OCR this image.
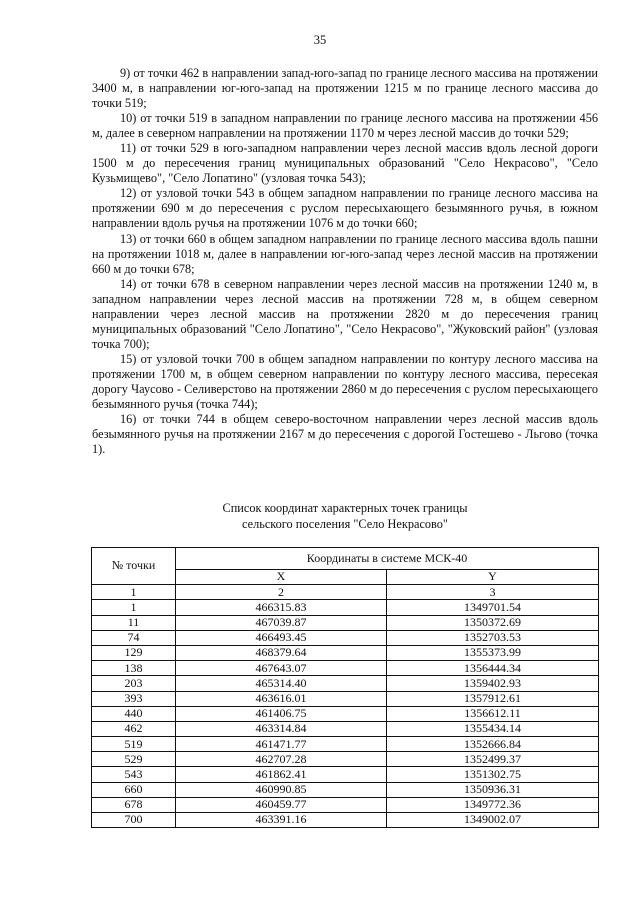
35

9) от точки 462 в направлении запад-юго-запад по границе лесного массива на протяжении 3400 м, в направлении юг-юго-запад на протяжении 1215 м по границе лесного массива до точки 519;

10) от точки 519 в западном направлении по границе лесного массива на протяжении 456 м, далее в северном направлении на протяжении 1170 м через лесной массив до точки 529;

11) от точки 529 в юго-западном направлении через лесной массив вдоль лесной дороги 1500 м до пересечения границ муниципальных образований "Село Некрасово", "Село Кузьмищево", "Село Лопатино" (узловая точка 543);

12) от узловой точки 543 в общем западном направлении по границе лесного массива на протяжении 690 м до пересечения с руслом пересыхающего безымянного ручья, в южном направлении вдоль ручья на протяжении 1076 м до точки 660;

13) от точки 660 в общем западном направлении по границе лесного массива вдоль пашни на протяжении 1018 м, далее в направлении юг-юго-запад через лесной массив на протяжении 660 м до точки 678;

14) от точки 678 в северном направлении через лесной массив на протяжении 1240 м, в западном направлении через лесной массив на протяжении 728 м, в общем северном направлении через лесной массив на протяжении 2820 м до пересечения границ муниципальных образований "Село Лопатино", "Село Некрасово", "Жуковский район" (узловая точка 700);

15) от узловой точки 700 в общем западном направлении по контуру лесного массива на протяжении 1700 м, в общем северном направлении по контуру лесного массива, пересекая дорогу Чаусово - Селиверстово на протяжении 2860 м до пересечения с руслом пересыхающего безымянного ручья (точка 744);

16) от точки 744 в общем северо-восточном направлении через лесной массив вдоль безымянного ручья на протяжении 2167 м до пересечения с дорогой Гостешево - Льгово (точка 1).

Список координат характерных точек границы
сельского поселения "Село Некрасово"
№ точки	Координаты в системе МСК-40	
	X	Y
1	2	3
1	466315.83	1349701.54
11	467039.87	1350372.69
74	466493.45	1352703.53
129	468379.64	1355373.99
138	467643.07	1356444.34
203	465314.40	1359402.93
393	463616.01	1357912.61
440	461406.75	1356612.11
462	463314.84	1355434.14
519	461471.77	1352666.84
529	462707.28	1352499.37
543	461862.41	1351302.75
660	460990.85	1350936.31
678	460459.77	1349772.36
700	463391.16	1349002.07
